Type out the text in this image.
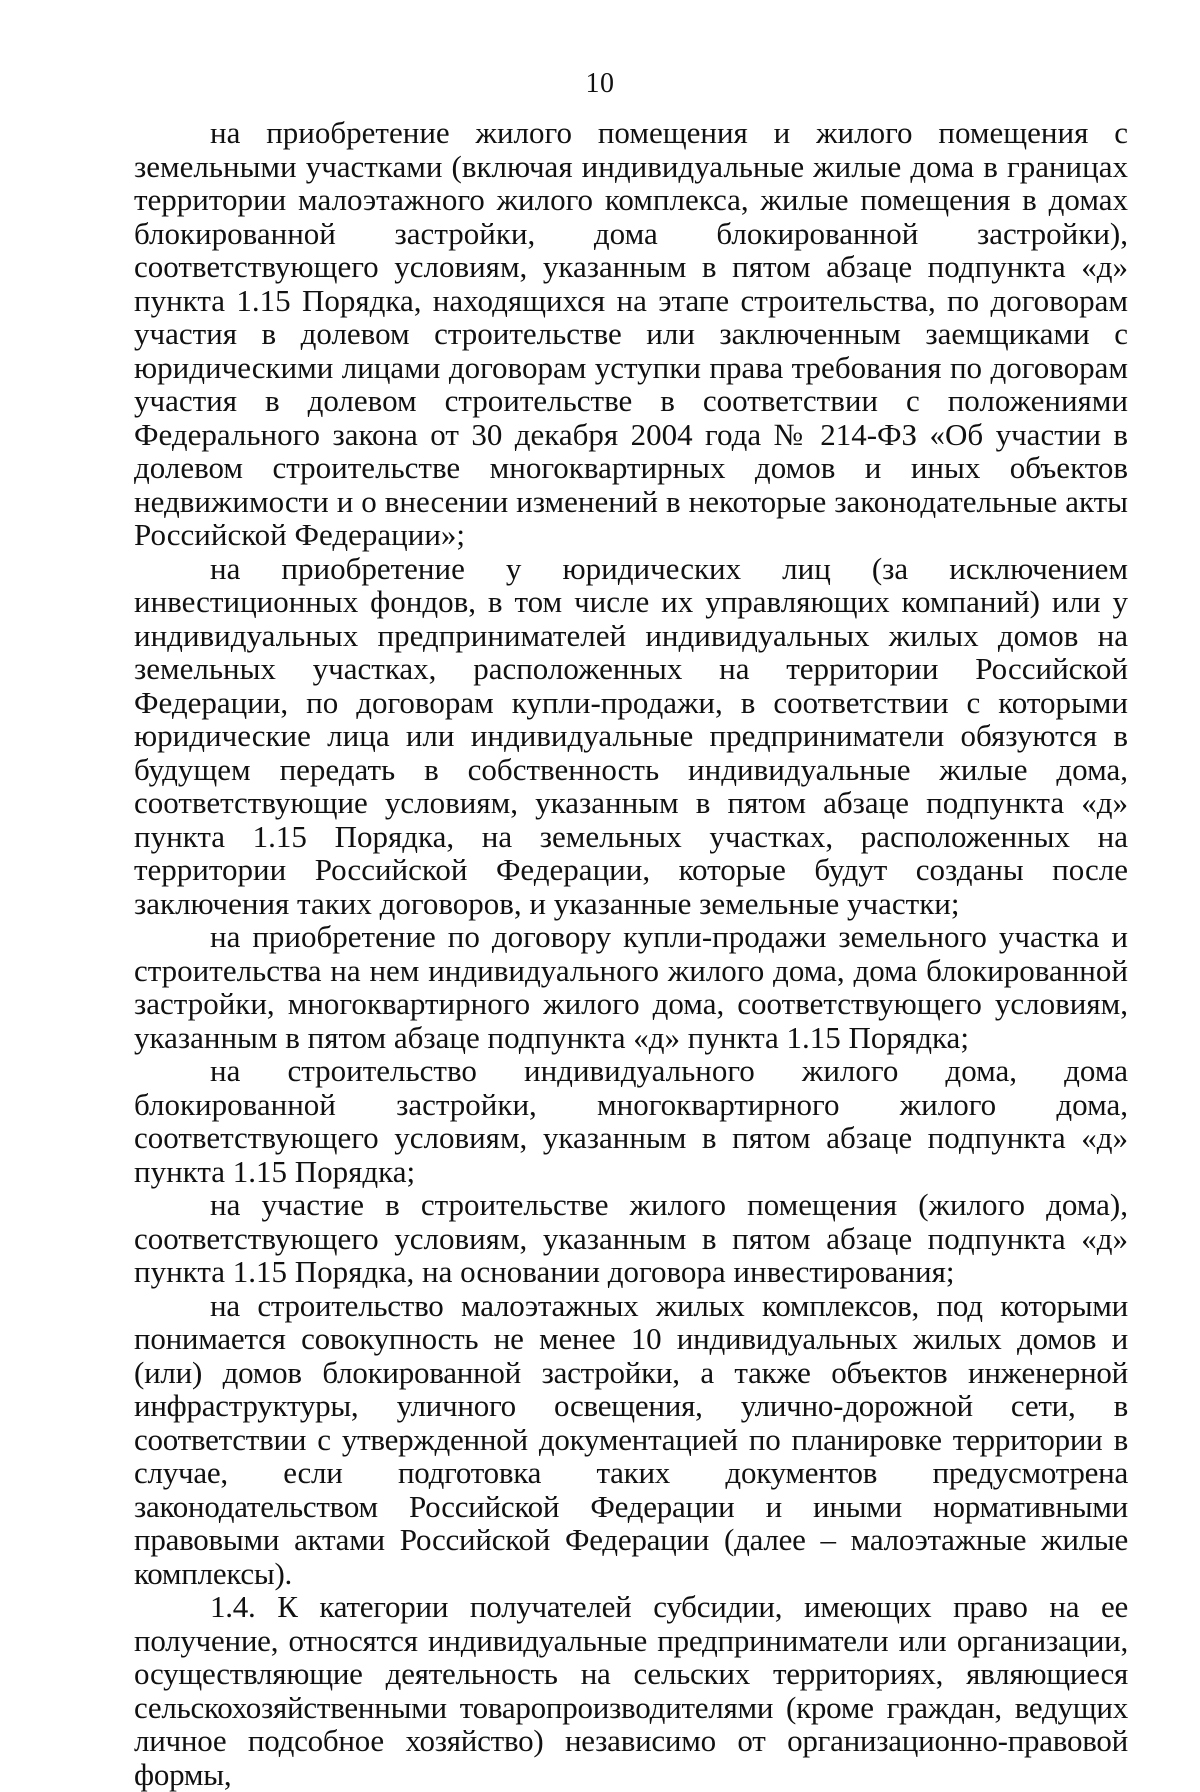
10

на приобретение жилого помещения и жилого помещения с земельными участками (включая индивидуальные жилые дома в границах территории малоэтажного жилого комплекса, жилые помещения в домах блокированной застройки, дома блокированной застройки), соответствующего условиям, указанным в пятом абзаце подпункта «д» пункта 1.15 Порядка, находящихся на этапе строительства, по договорам участия в долевом строительстве или заключенным заемщиками с юридическими лицами договорам уступки права требования по договорам участия в долевом строительстве в соответствии с положениями Федерального закона от 30 декабря 2004 года № 214-ФЗ «Об участии в долевом строительстве многоквартирных домов и иных объектов недвижимости и о внесении изменений в некоторые законодательные акты Российской Федерации»;

на приобретение у юридических лиц (за исключением инвестиционных фондов, в том числе их управляющих компаний) или у индивидуальных предпринимателей индивидуальных жилых домов на земельных участках, расположенных на территории Российской Федерации, по договорам купли-продажи, в соответствии с которыми юридические лица или индивидуальные предприниматели обязуются в будущем передать в собственность индивидуальные жилые дома, соответствующие условиям, указанным в пятом абзаце подпункта «д» пункта 1.15 Порядка, на земельных участках, расположенных на территории Российской Федерации, которые будут созданы после заключения таких договоров, и указанные земельные участки;

на приобретение по договору купли-продажи земельного участка и строительства на нем индивидуального жилого дома, дома блокированной застройки, многоквартирного жилого дома, соответствующего условиям, указанным в пятом абзаце подпункта «д» пункта 1.15 Порядка;

на строительство индивидуального жилого дома, дома блокированной застройки, многоквартирного жилого дома, соответствующего условиям, указанным в пятом абзаце подпункта «д» пункта 1.15 Порядка;

на участие в строительстве жилого помещения (жилого дома), соответствующего условиям, указанным в пятом абзаце подпункта «д» пункта 1.15 Порядка, на основании договора инвестирования;

на строительство малоэтажных жилых комплексов, под которыми понимается совокупность не менее 10 индивидуальных жилых домов и (или) домов блокированной застройки, а также объектов инженерной инфраструктуры, уличного освещения, улично-дорожной сети, в соответствии с утвержденной документацией по планировке территории в случае, если подготовка таких документов предусмотрена законодательством Российской Федерации и иными нормативными правовыми актами Российской Федерации (далее – малоэтажные жилые комплексы).

1.4. К категории получателей субсидии, имеющих право на ее получение, относятся индивидуальные предприниматели или организации, осуществляющие деятельность на сельских территориях, являющиеся сельскохозяйственными товаропроизводителями (кроме граждан, ведущих личное подсобное хозяйство) независимо от организационно-правовой формы,
